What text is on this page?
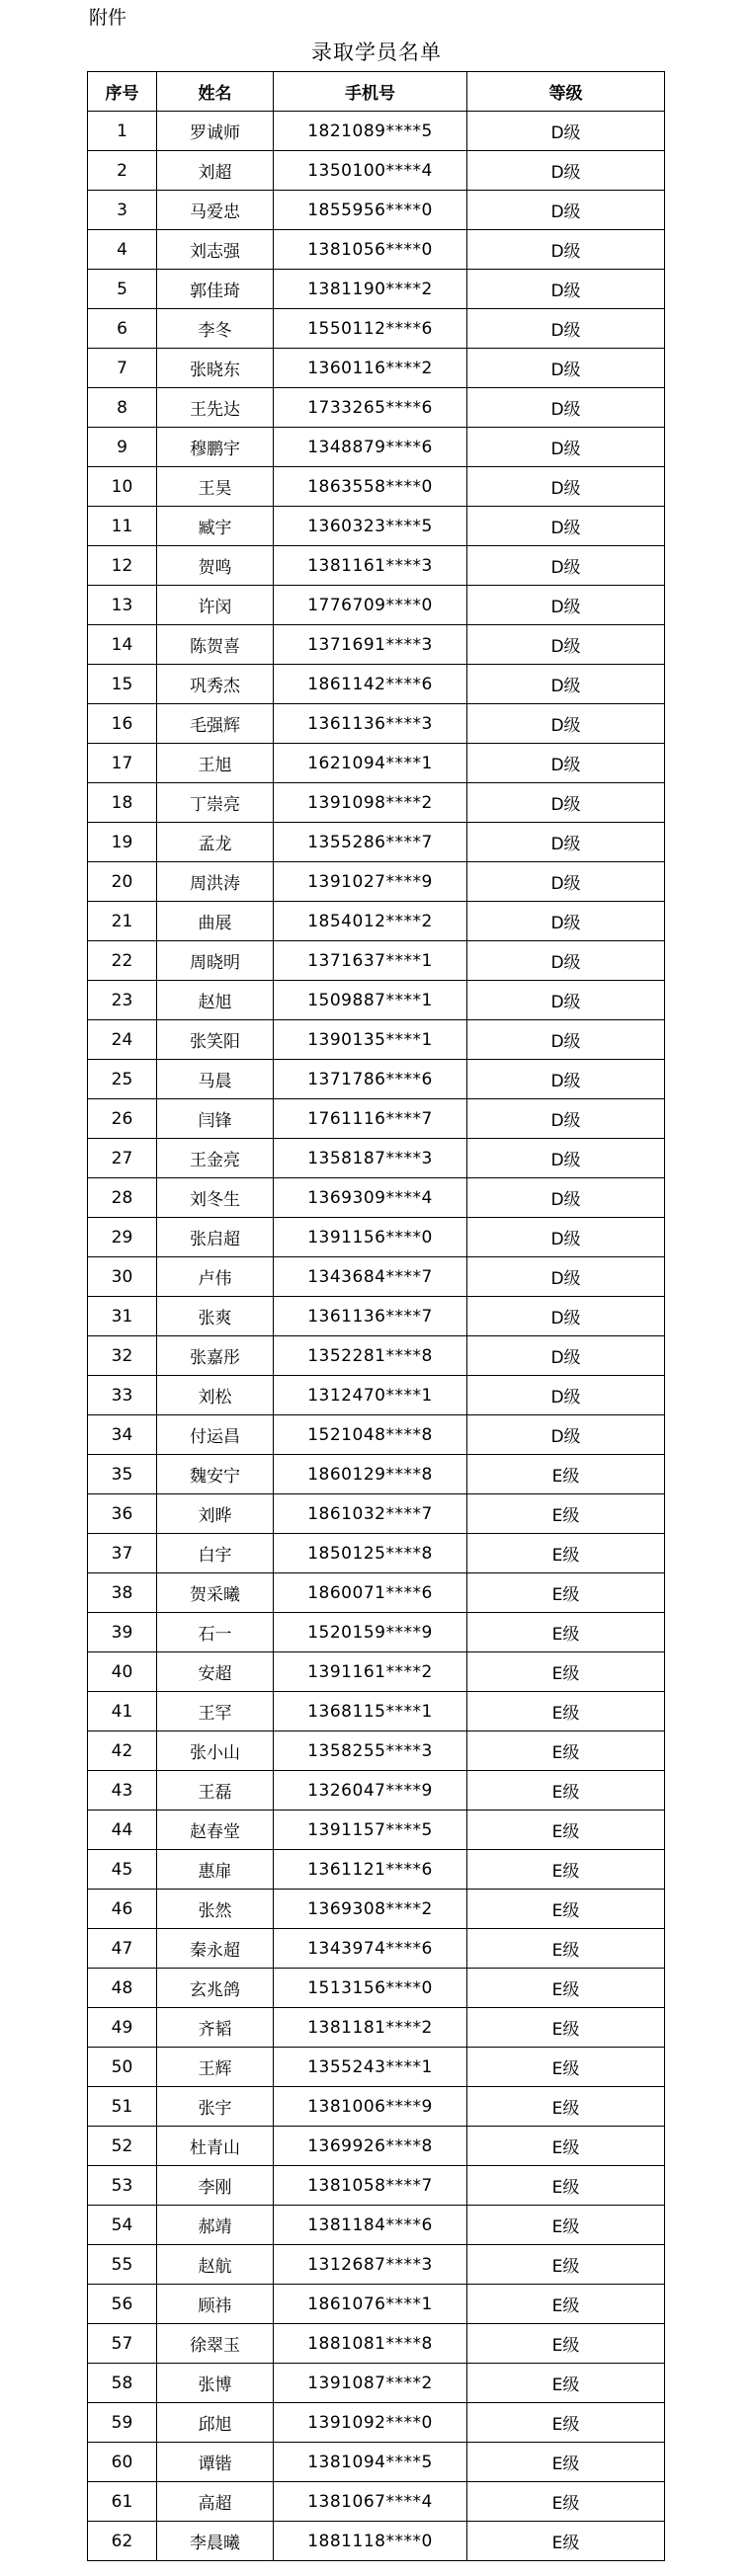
附件
录取学员名单
序号	姓名	手机号	等级
1	罗诚师	1821089****5	D级
2	刘超	1350100****4	D级
3	马爱忠	1855956****0	D级
4	刘志强	1381056****0	D级
5	郭佳琦	1381190****2	D级
6	李冬	1550112****6	D级
7	张晓东	1360116****2	D级
8	王先达	1733265****6	D级
9	穆鹏宇	1348879****6	D级
10	王昊	1863558****0	D级
11	臧宇	1360323****5	D级
12	贺鸣	1381161****3	D级
13	许闵	1776709****0	D级
14	陈贺喜	1371691****3	D级
15	巩秀杰	1861142****6	D级
16	毛强辉	1361136****3	D级
17	王旭	1621094****1	D级
18	丁崇亮	1391098****2	D级
19	孟龙	1355286****7	D级
20	周洪涛	1391027****9	D级
21	曲展	1854012****2	D级
22	周晓明	1371637****1	D级
23	赵旭	1509887****1	D级
24	张笑阳	1390135****1	D级
25	马晨	1371786****6	D级
26	闫锋	1761116****7	D级
27	王金亮	1358187****3	D级
28	刘冬生	1369309****4	D级
29	张启超	1391156****0	D级
30	卢伟	1343684****7	D级
31	张爽	1361136****7	D级
32	张嘉彤	1352281****8	D级
33	刘松	1312470****1	D级
34	付运昌	1521048****8	D级
35	魏安宁	1860129****8	E级
36	刘晔	1861032****7	E级
37	白宇	1850125****8	E级
38	贺采曦	1860071****6	E级
39	石一	1520159****9	E级
40	安超	1391161****2	E级
41	王罕	1368115****1	E级
42	张小山	1358255****3	E级
43	王磊	1326047****9	E级
44	赵春堂	1391157****5	E级
45	惠扉	1361121****6	E级
46	张然	1369308****2	E级
47	秦永超	1343974****6	E级
48	玄兆鸽	1513156****0	E级
49	齐韬	1381181****2	E级
50	王辉	1355243****1	E级
51	张宇	1381006****9	E级
52	杜青山	1369926****8	E级
53	李刚	1381058****7	E级
54	郝靖	1381184****6	E级
55	赵航	1312687****3	E级
56	顾祎	1861076****1	E级
57	徐翠玉	1881081****8	E级
58	张博	1391087****2	E级
59	邱旭	1391092****0	E级
60	谭锴	1381094****5	E级
61	高超	1381067****4	E级
62	李晨曦	1881118****0	E级
